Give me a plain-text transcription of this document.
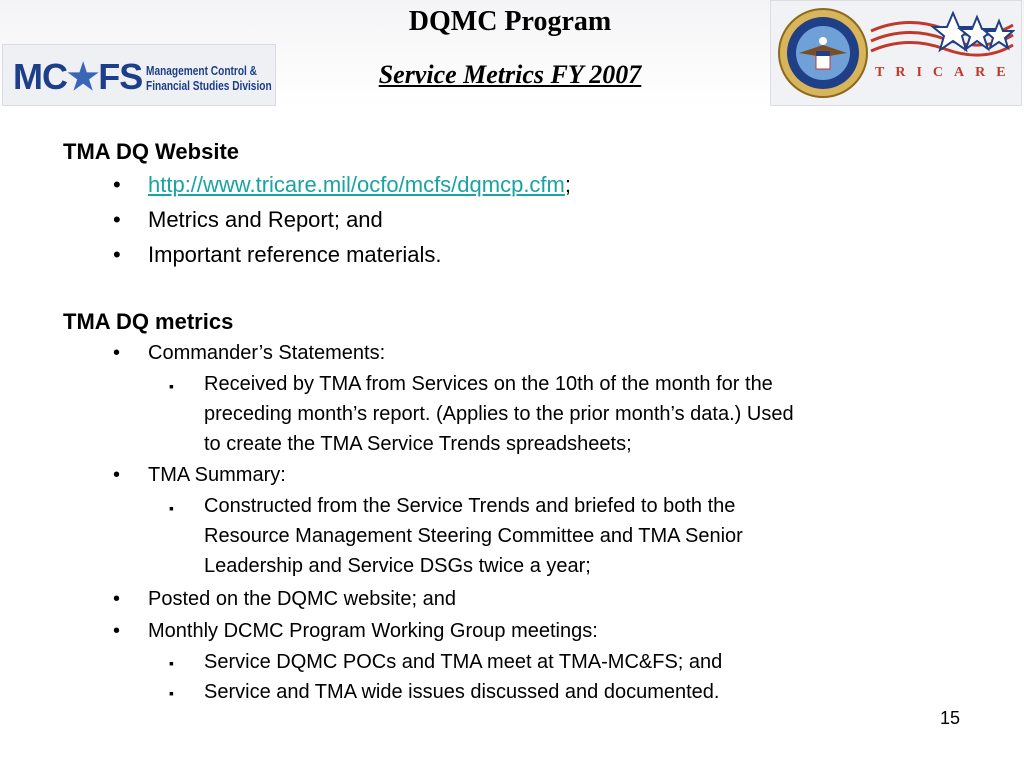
DQMC Program
Service Metrics FY 2007
MC★FS Management Control &
Financial Studies Division
TRICARE
TMA DQ Website
• http://www.tricare.mil/ocfo/mcfs/dqmcp.cfm;
• Metrics and Report; and
• Important reference materials.
TMA DQ metrics
• Commander’s Statements:
▪ Received by TMA from Services on the 10th of the month for the
preceding month’s report. (Applies to the prior month’s data.) Used
to create the TMA Service Trends spreadsheets;
• TMA Summary:
▪ Constructed from the Service Trends and briefed to both the
Resource Management Steering Committee and TMA Senior
Leadership and Service DSGs twice a year;
• Posted on the DQMC website; and
• Monthly DCMC Program Working Group meetings:
▪ Service DQMC POCs and TMA meet at TMA-MC&FS; and
▪ Service and TMA wide issues discussed and documented.
15
